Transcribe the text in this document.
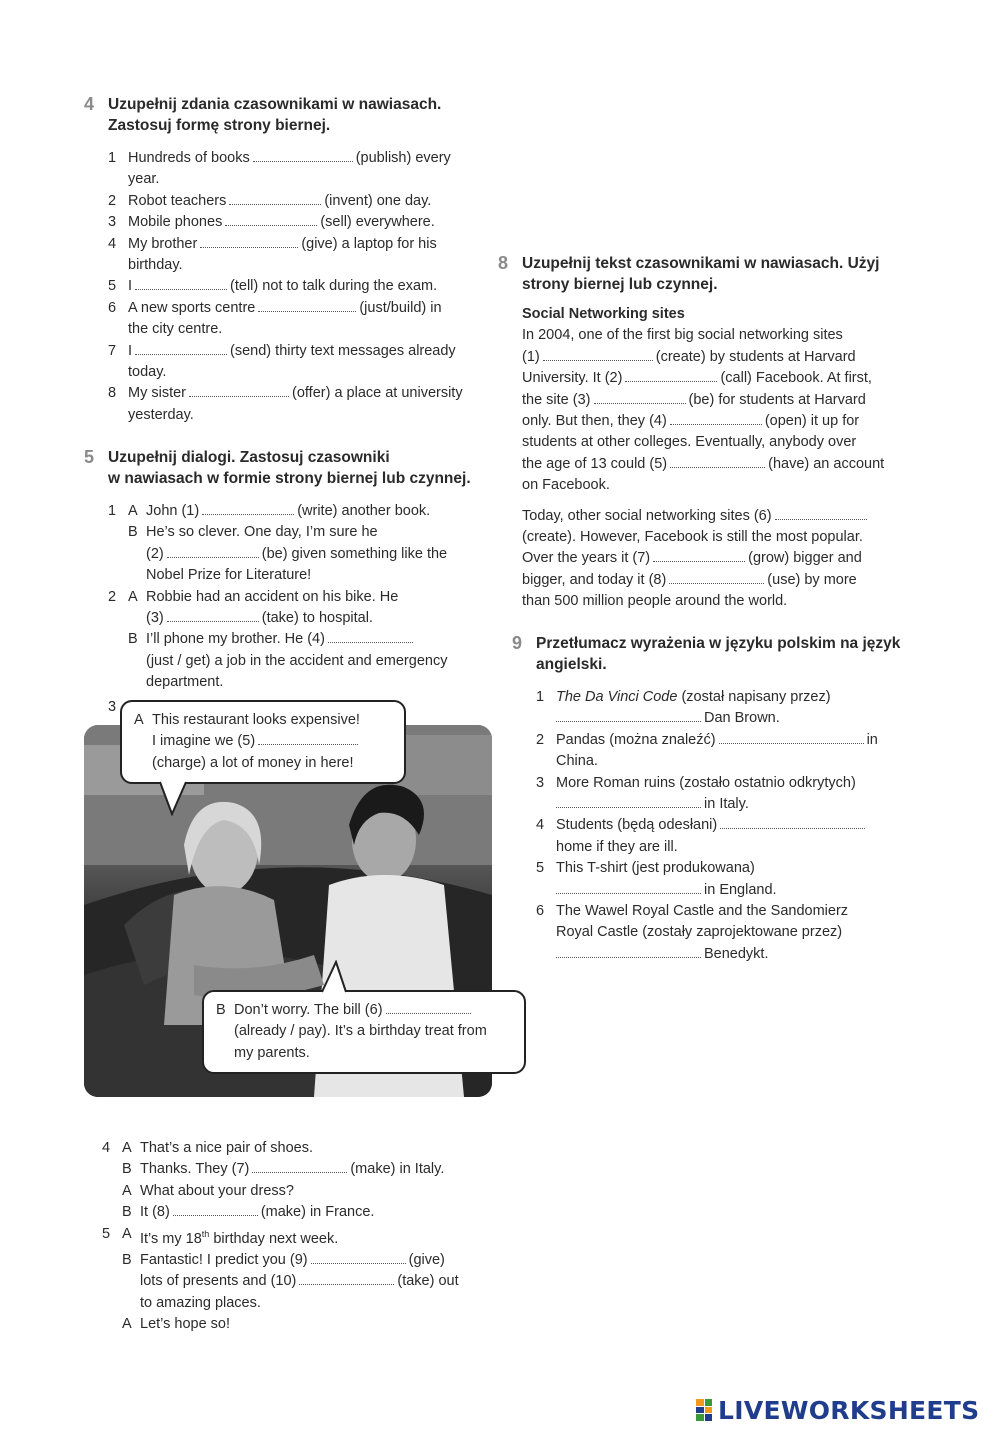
4 Uzupełnij zdania czasownikami w nawiasach.
Zastosuj formę strony biernej.
1 Hundreds of books	(publish) every
year.
2 Robot teachers	(invent) one day.
3 Mobile phones	(sell) everywhere.
4 My brother	(give) a laptop for his
birthday.
5 I	(tell) not to talk during the exam.
6 A new sports centre	(just/build) in
the city centre.
7 I	(send) thirty text messages already
today.
8 My sister	(offer) a place at university
yesterday.
5 Uzupełnij dialogi. Zastosuj czasowniki
w nawiasach w formie strony biernej lub czynnej.
1 A John (1)	(write) another book.
B He’s so clever. One day, I’m sure he
(2)	(be) given something like the
Nobel Prize for Literature!
2 A Robbie had an accident on his bike. He
(3)	(take) to hospital.
B I’ll phone my brother. He (4)
(just / get) a job in the accident and emergency
department.
3
A This restaurant looks expensive!
I imagine we (5)
(charge) a lot of money in here!
B Don’t worry. The bill (6)
(already / pay). It’s a birthday treat from
my parents.
4 A That’s a nice pair of shoes.
B Thanks. They (7)	(make) in Italy.
A What about your dress?
B It (8)	(make) in France.
5 A It’s my 18th birthday next week.
B Fantastic! I predict you (9)	(give)
lots of presents and (10)	(take) out
to amazing places.
A Let’s hope so!
8 Uzupełnij tekst czasownikami w nawiasach. Użyj
strony biernej lub czynnej.
Social Networking sites
In 2004, one of the first big social networking sites
(1)	(create) by students at Harvard
University. It (2)	(call) Facebook. At first,
the site (3)	(be) for students at Harvard
only. But then, they (4)	(open) it up for
students at other colleges. Eventually, anybody over
the age of 13 could (5)	(have) an account
on Facebook.
Today, other social networking sites (6)
(create). However, Facebook is still the most popular.
Over the years it (7)	(grow) bigger and
bigger, and today it (8)	(use) by more
than 500 million people around the world.
9 Przetłumacz wyrażenia w języku polskim na język
angielski.
1 The Da Vinci Code (został napisany przez)
Dan Brown.
2 Pandas (można znaleźć)	in
China.
3 More Roman ruins (zostało ostatnio odkrytych)
in Italy.
4 Students (będą odesłani)
home if they are ill.
5 This T-shirt (jest produkowana)
in England.
6 The Wawel Royal Castle and the Sandomierz
Royal Castle (zostały zaprojektowane przez)
Benedykt.
LIVEWORKSHEETS
